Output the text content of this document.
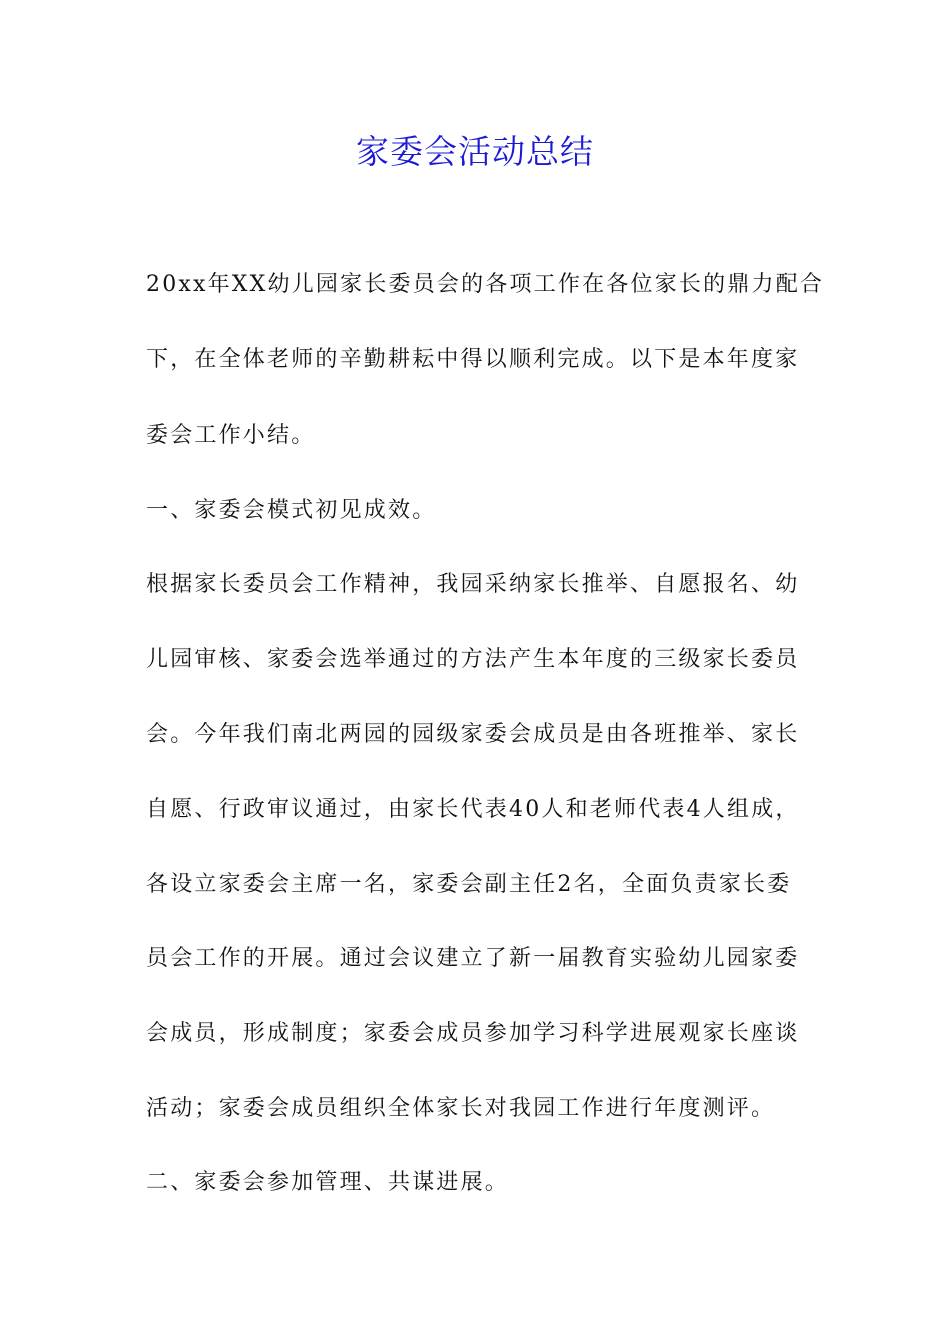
家委会活动总结
20xx年XX幼儿园家长委员会的各项工作在各位家长的鼎力配合
下，在全体老师的辛勤耕耘中得以顺利完成。以下是本年度家
委会工作小结。
一、家委会模式初见成效。
根据家长委员会工作精神，我园采纳家长推举、自愿报名、幼
儿园审核、家委会选举通过的方法产生本年度的三级家长委员
会。今年我们南北两园的园级家委会成员是由各班推举、家长
自愿、行政审议通过，由家长代表40人和老师代表4人组成，
各设立家委会主席一名，家委会副主任2名，全面负责家长委
员会工作的开展。通过会议建立了新一届教育实验幼儿园家委
会成员，形成制度；家委会成员参加学习科学进展观家长座谈
活动；家委会成员组织全体家长对我园工作进行年度测评。
二、家委会参加管理、共谋进展。
